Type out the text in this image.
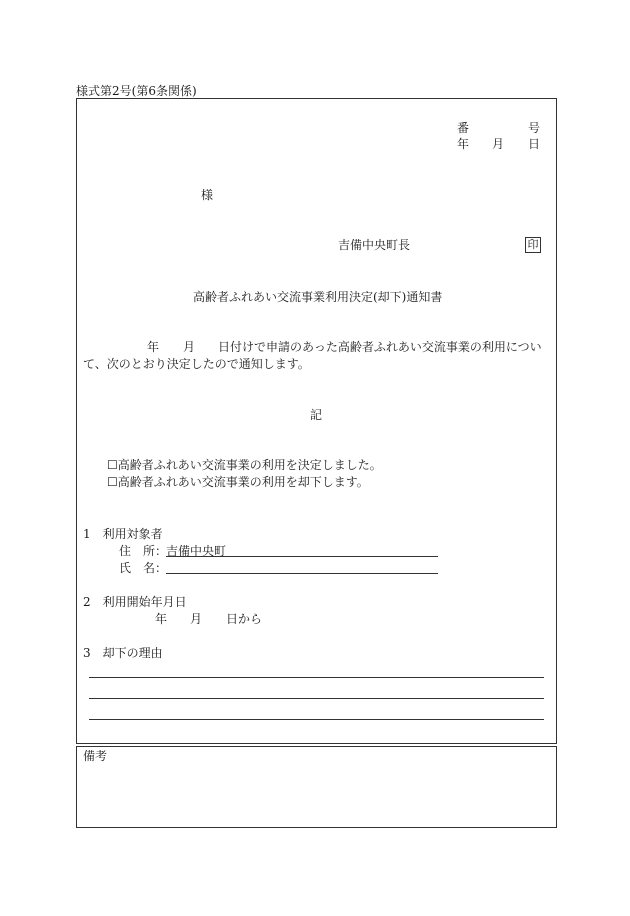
様式第2号(第6条関係)
番	号
年 月 日
様
吉備中央町長	印
高齢者ふれあい交流事業利用決定(却下)通知書
年 月 日付けで申請のあった高齢者ふれあい交流事業の利用につい
て、次のとおり決定したので通知します。
記
☐高齢者ふれあい交流事業の利用を決定しました。
☐高齢者ふれあい交流事業の利用を却下します。
1　利用対象者
住　所：
吉備中央町
氏　名：
2　利用開始年月日
年 月 日から
3　却下の理由
備考
